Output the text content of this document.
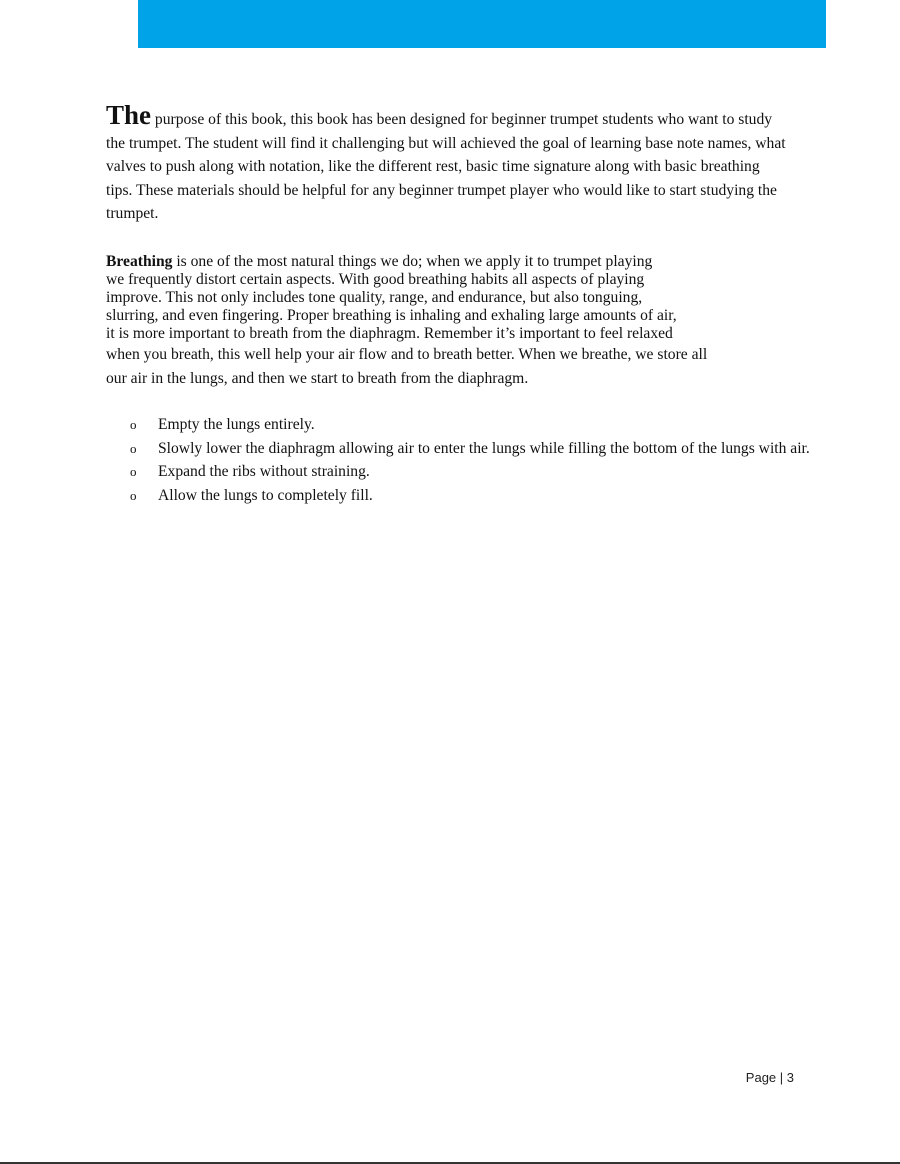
The purpose of this book, this book has been designed for beginner trumpet students who want to study the trumpet. The student will find it challenging but will achieved the goal of learning base note names, what valves to push along with notation, like the different rest, basic time signature along with basic breathing tips. These materials should be helpful for any beginner trumpet player who would like to start studying the trumpet.

Breathing is one of the most natural things we do; when we apply it to trumpet playing
we frequently distort certain aspects. With good breathing habits all aspects of playing
improve. This not only includes tone quality, range, and endurance, but also tonguing,
slurring, and even fingering. Proper breathing is inhaling and exhaling large amounts of air,
it is more important to breath from the diaphragm. Remember it’s important to feel relaxed
when you breath, this well help your air flow and to breath better. When we breathe, we store all
our air in the lungs, and then we start to breath from the diaphragm.

o Empty the lungs entirely.
o Slowly lower the diaphragm allowing air to enter the lungs while filling the bottom of the lungs with air.
o Expand the ribs without straining.
o Allow the lungs to completely fill.
Page | 3
